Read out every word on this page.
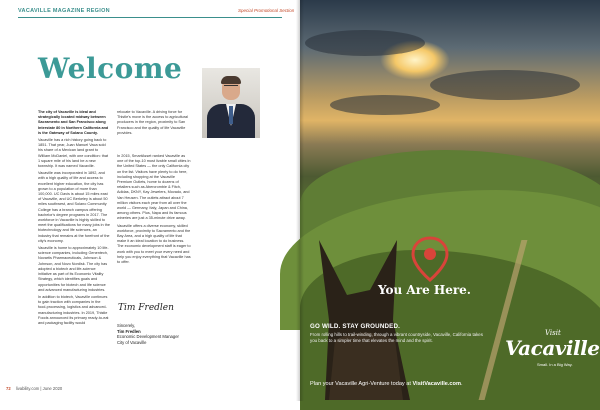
VACAVILLE MAGAZINE REGION	Special Promotional Section
Welcome

The city of Vacaville is ideal and strategically located midway between Sacramento and San Francisco along Interstate 80 in Northern California and is the Gateway of Solano County.

Vacaville has a rich history going back to 1851. That year, Juan Manuel Vaca sold his share of a Mexican land grant to William McDaniel, with one condition: that 1 square mile of his land be a new township. It was named Vacaville.

Vacaville was incorporated in 1892, and with a high quality of life and access to excellent higher education, the city has grown to a population of more than 100,000. UC Davis is about 15 miles east of Vacaville, and UC Berkeley is about 50 miles southwest, and Solano Community College has a branch campus offering bachelor's degree programs in 2017. The workforce in Vacaville is highly skilled to meet the qualifications for many jobs in the biotechnology and life sciences, an industry that remains at the forefront of the city's economy.

Vacaville is home to approximately 10 life-science companies, including Genentech, Novartis Pharmaceuticals, Johnson & Johnson, and Novo Nordisk. The city has adopted a biotech and life-science initiative as part of its Economic Vitality Strategy, which identifies goals and opportunities for biotech and life science and advanced manufacturing industries.

In addition to biotech, Vacaville continues to gain traction with companies in the food-processing, logistics and advanced-manufacturing industries. In 2019, Thistle Foods announced its primary ready-to-eat and packaging facility would

relocate to Vacaville. A driving force for Thistle's move is the access to agricultural producers in the region, proximity to San Francisco and the quality of life Vacaville provides.

In 2015, SmartAsset ranked Vacaville as one of the top-10 most livable small cities in the United States — the only California city on the list. Visitors have plenty to do here, including shopping at the Vacaville Premium Outlets, home to dozens of retailers such as Abercrombie & Fitch, Adidas, DKNY, Kay Jewelers, Movado, and Van Heusen. The outlets attract about 7 million visitors each year from all over the world — Germany, Italy, Japan and China, among others. Plus, Napa and its famous wineries are just a 35-minute drive away.

Vacaville offers a diverse economy, skilled workforce, proximity to Sacramento and the Bay Area, and a high quality of life that make it an ideal location to do business. The economic development staff is eager to work with you to meet your every need and help you enjoy everything that Vacaville has to offer.

Tim Fredlen
Sincerely,
Tim Fredlen
Economic Development Manager
City of Vacaville
72 livability.com | June 2020
You Are Here.
GO WILD. STAY GROUNDED.
From rolling hills to trail-winding, through a vibrant countryside, Vacaville, California takes you back to a simpler time that elevates the mind and the spirit.
Plan your Vacaville Agri-Venture today at VisitVacaville.com.
Visit
Vacaville
Small. In a Big Way.
